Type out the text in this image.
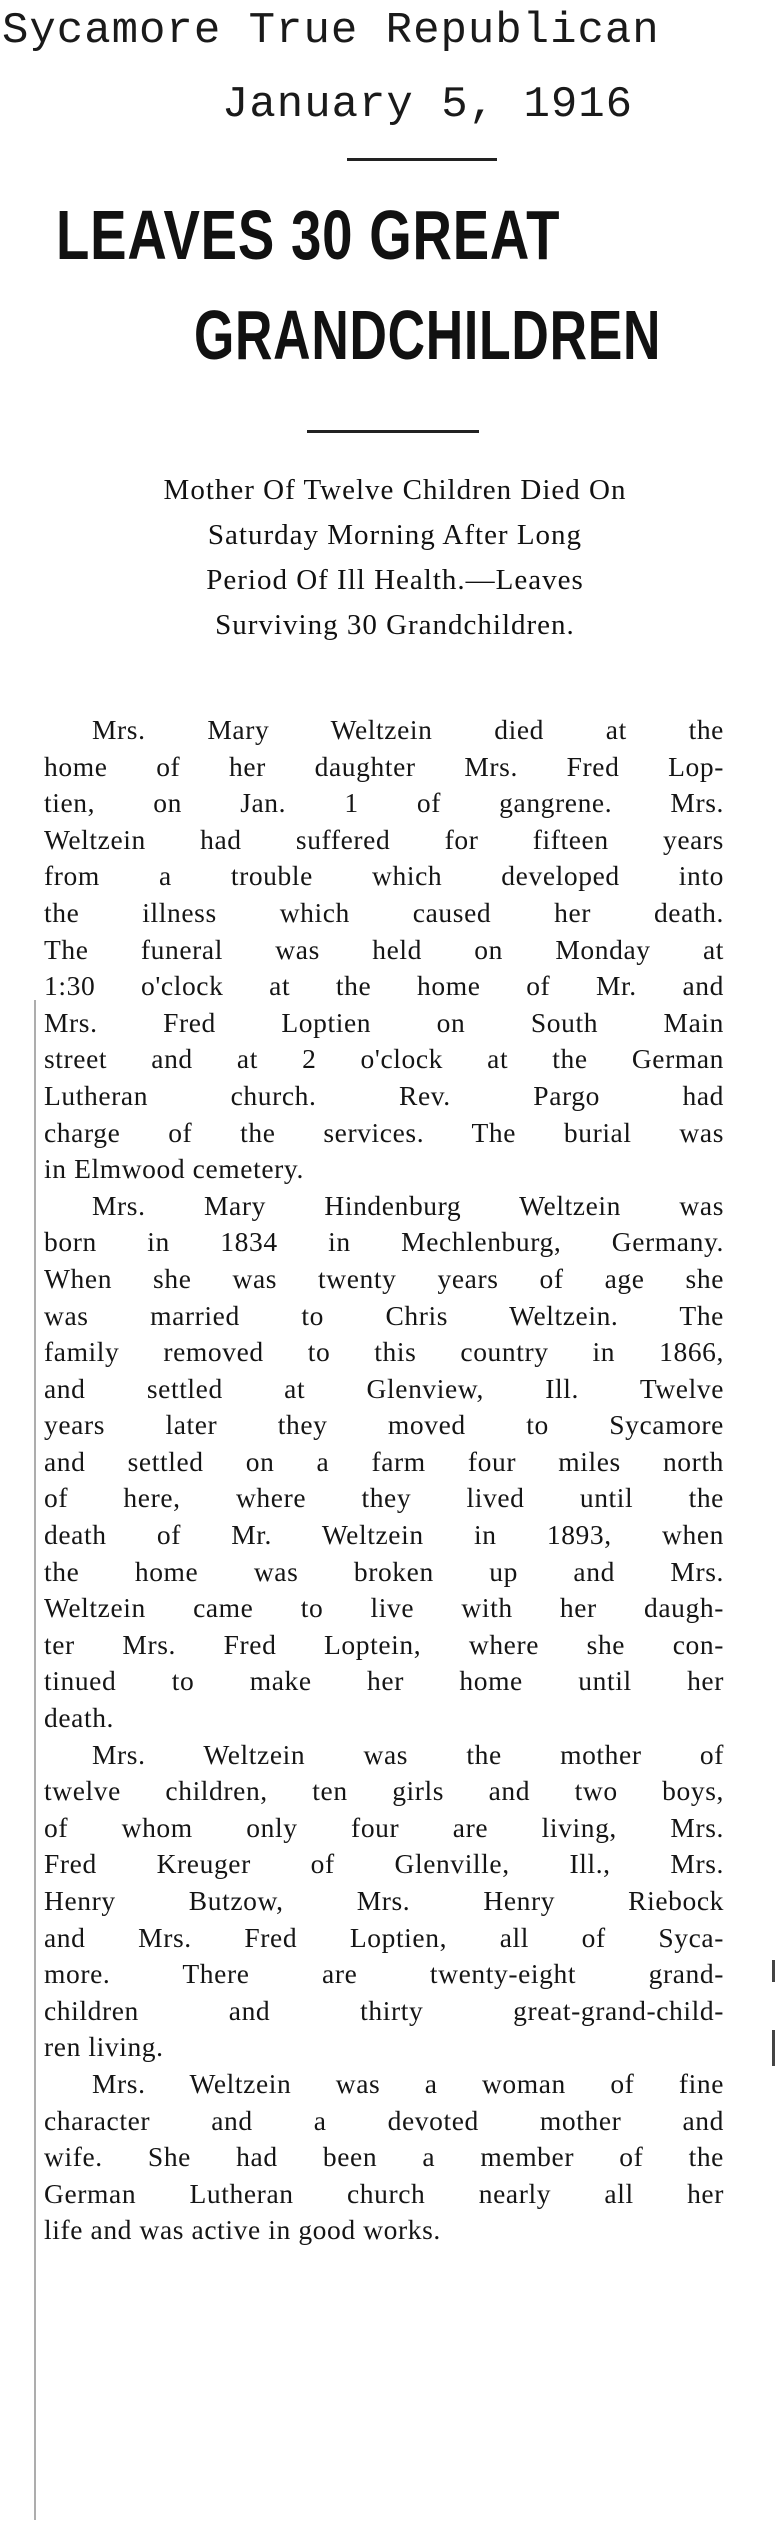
Sycamore True Republican
January 5, 1916
LEAVES 30 GREAT
GRANDCHILDREN
Mother Of Twelve Children Died On
Saturday Morning After Long
Period Of Ill Health.—Leaves
Surviving 30 Grandchildren.
Mrs. Mary Weltzein died at the
home of her daughter Mrs. Fred Lop-
tien, on Jan. 1 of gangrene. Mrs.
Weltzein had suffered for fifteen years
from a trouble which developed into
the illness which caused her death.
The funeral was held on Monday at
1:30 o'clock at the home of Mr. and
Mrs. Fred Loptien on South Main
street and at 2 o'clock at the German
Lutheran church. Rev. Pargo had
charge of the services. The burial was
in Elmwood cemetery.
Mrs. Mary Hindenburg Weltzein was
born in 1834 in Mechlenburg, Germany.
When she was twenty years of age she
was married to Chris Weltzein. The
family removed to this country in 1866,
and settled at Glenview, Ill. Twelve
years later they moved to Sycamore
and settled on a farm four miles north
of here, where they lived until the
death of Mr. Weltzein in 1893, when
the home was broken up and Mrs.
Weltzein came to live with her daugh-
ter Mrs. Fred Loptein, where she con-
tinued to make her home until her
death.
Mrs. Weltzein was the mother of
twelve children, ten girls and two boys,
of whom only four are living, Mrs.
Fred Kreuger of Glenville, Ill., Mrs.
Henry Butzow, Mrs. Henry Riebock
and Mrs. Fred Loptien, all of Syca-
more. There are twenty-eight grand-
children and thirty great-grand-child-
ren living.
Mrs. Weltzein was a woman of fine
character and a devoted mother and
wife. She had been a member of the
German Lutheran church nearly all her
life and was active in good works.
